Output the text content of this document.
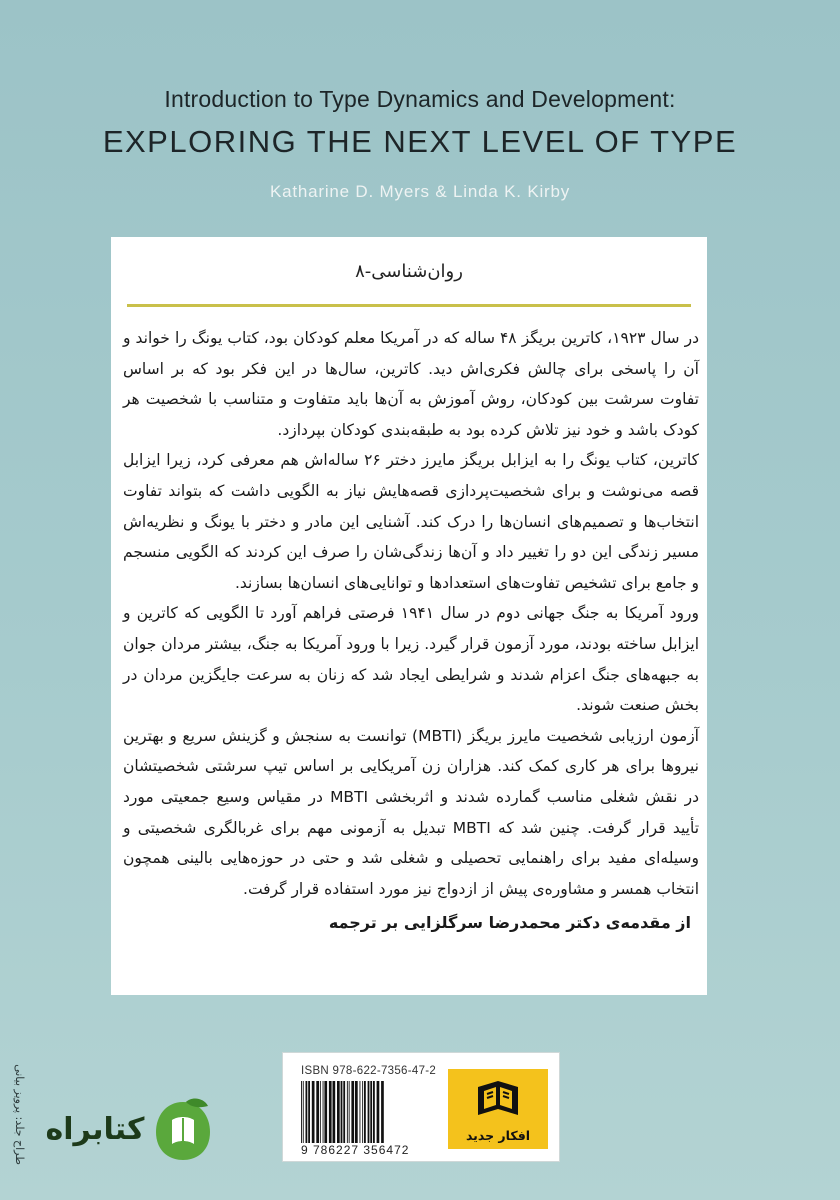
Introduction to Type Dynamics and Development:
EXPLORING THE NEXT LEVEL OF TYPE
Katharine D. Myers & Linda K. Kirby
روان‌شناسی-۸

در سال ۱۹۲۳، کاترین بریگز ۴۸ ساله که در آمریکا معلم کودکان بود، کتاب یونگ را خواند و آن را پاسخی برای چالش فکری‌اش دید. کاترین، سال‌ها در این فکر بود که بر اساس تفاوت سرشت بین کودکان، روش آموزش به آن‌ها باید متفاوت و متناسب با شخصیت هر کودک باشد و خود نیز تلاش کرده بود به طبقه‌بندی کودکان بپردازد.

کاترین، کتاب یونگ را به ایزابل بریگز مایرز دختر ۲۶ ساله‌اش هم معرفی کرد، زیرا ایزابل قصه می‌نوشت و برای شخصیت‌پردازی قصه‌هایش نیاز به الگویی داشت که بتواند تفاوت انتخاب‌ها و تصمیم‌های انسان‌ها را درک کند. آشنایی این مادر و دختر با یونگ و نظریه‌اش مسیر زندگی این دو را تغییر داد و آن‌ها زندگی‌شان را صرف این کردند که الگویی منسجم و جامع برای تشخیص تفاوت‌های استعدادها و توانایی‌های انسان‌ها بسازند.

ورود آمریکا به جنگ جهانی دوم در سال ۱۹۴۱ فرصتی فراهم آورد تا الگویی که کاترین و ایزابل ساخته بودند، مورد آزمون قرار گیرد. زیرا با ورود آمریکا به جنگ، بیشتر مردان جوان به جبهه‌های جنگ اعزام شدند و شرایطی ایجاد شد که زنان به سرعت جایگزین مردان در بخش صنعت شوند.

آزمون ارزیابی شخصیت مایرز بریگز (MBTI) توانست به سنجش و گزینش سریع و بهترین نیروها برای هر کاری کمک کند. هزاران زن آمریکایی بر اساس تیپ سرشتی شخصیتشان در نقش شغلی مناسب گمارده شدند و اثربخشی MBTI در مقیاس وسیع جمعیتی مورد تأیید قرار گرفت. چنین شد که MBTI تبدیل به آزمونی مهم برای غربالگری شخصیتی و وسیله‌ای مفید برای راهنمایی تحصیلی و شغلی شد و حتی در حوزه‌هایی بالینی همچون انتخاب همسر و مشاوره‌ی پیش از ازدواج نیز مورد استفاده قرار گرفت.

از مقدمه‌ی دکتر محمدرضا سرگلزایی بر ترجمه
ISBN 978-622-7356-47-2
9 786227 356472
افکار جدید
طراح جلد: پرویز بیانی کتابراه
